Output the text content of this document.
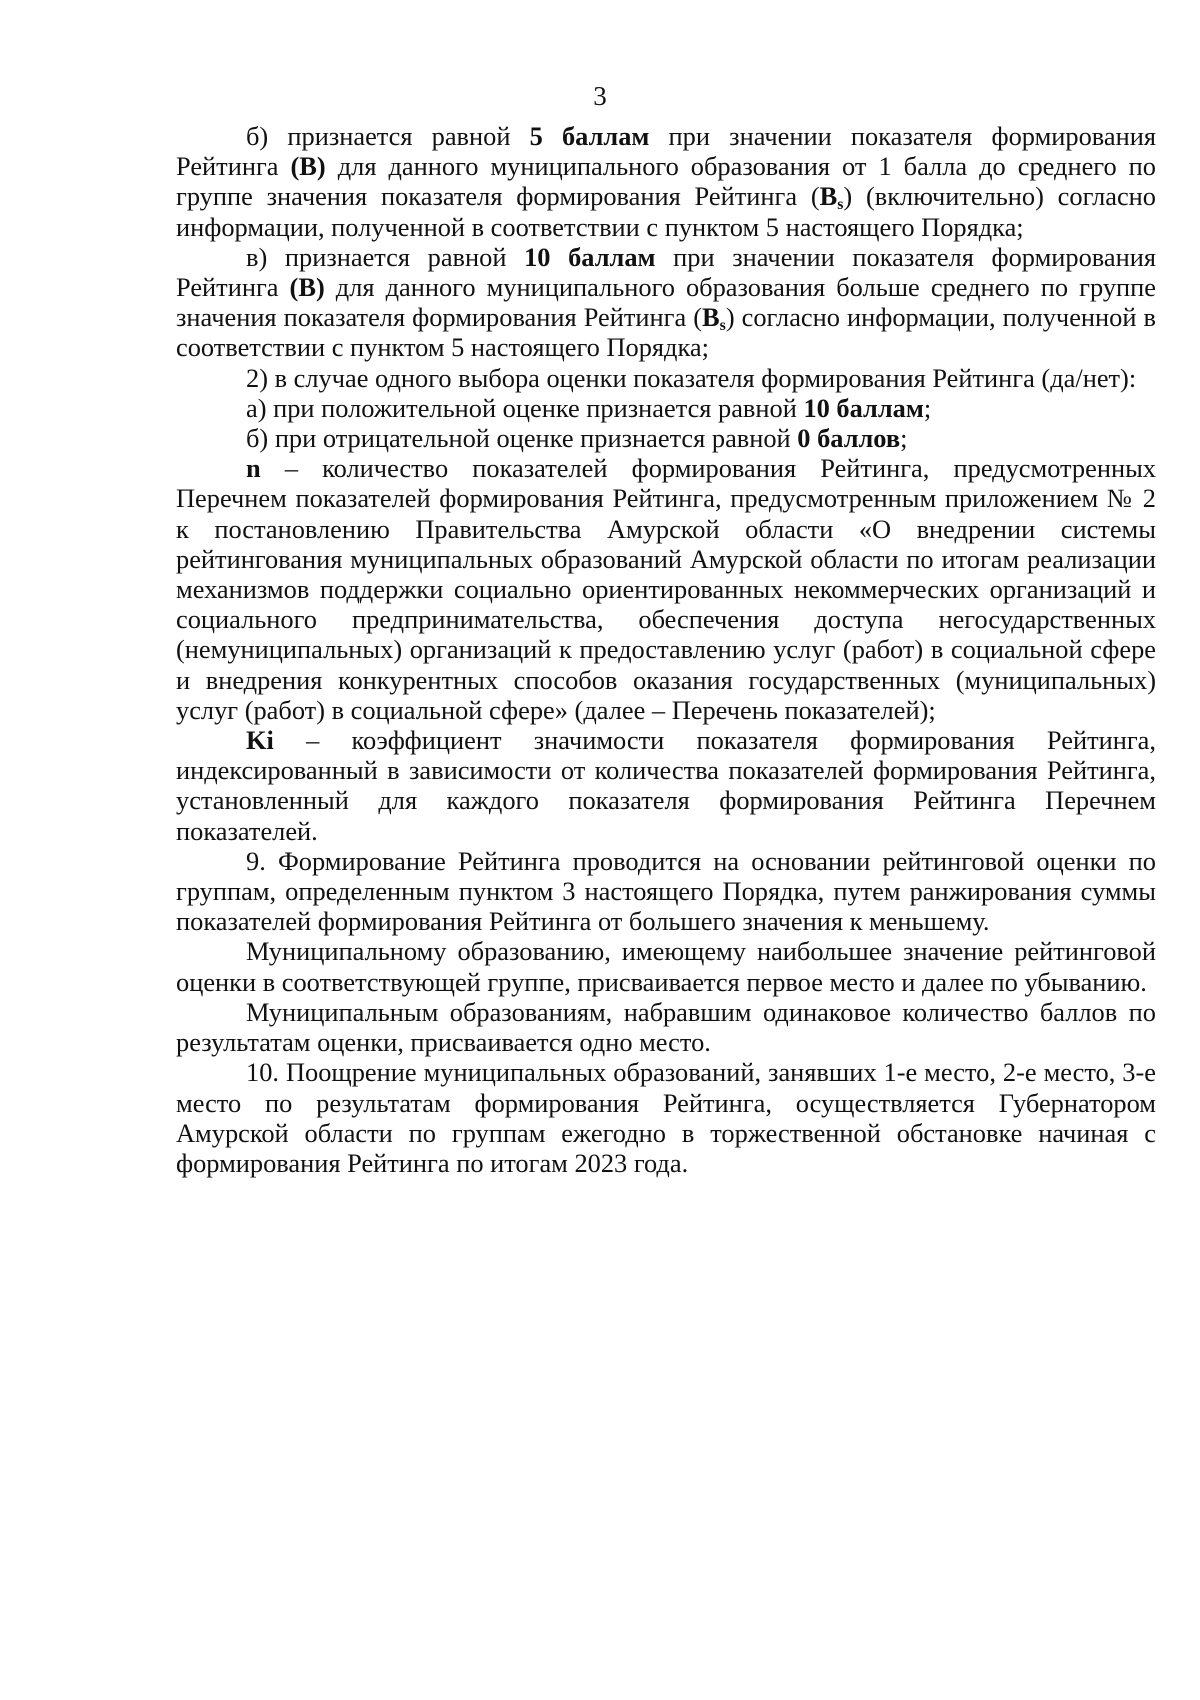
3

б) признается равной 5 баллам при значении показателя формирования Рейтинга (В) для данного муниципального образования от 1 балла до среднего по группе значения показателя формирования Рейтинга $(В_s)$ (включительно) согласно информации, полученной в соответствии с пунктом 5 настоящего Порядка;

в) признается равной 10 баллам при значении показателя формирования Рейтинга (В) для данного муниципального образования больше среднего по группе значения показателя формирования Рейтинга $(В_s)$ согласно информации, полученной в соответствии с пунктом 5 настоящего Порядка;

2) в случае одного выбора оценки показателя формирования Рейтинга (да/нет):

а) при положительной оценке признается равной 10 баллам;

б) при отрицательной оценке признается равной 0 баллов;

n – количество показателей формирования Рейтинга, предусмотренных Перечнем показателей формирования Рейтинга, предусмотренным приложением № 2 к постановлению Правительства Амурской области «О внедрении системы рейтингования муниципальных образований Амурской области по итогам реализации механизмов поддержки социально ориентированных некоммерческих организаций и социального предпринимательства, обеспечения доступа негосударственных (немуниципальных) организаций к предоставлению услуг (работ) в социальной сфере и внедрения конкурентных способов оказания государственных (муниципальных) услуг (работ) в социальной сфере» (далее – Перечень показателей);

Ki – коэффициент значимости показателя формирования Рейтинга, индексированный в зависимости от количества показателей формирования Рейтинга, установленный для каждого показателя формирования Рейтинга Перечнем показателей.

9. Формирование Рейтинга проводится на основании рейтинговой оценки по группам, определенным пунктом 3 настоящего Порядка, путем ранжирования суммы показателей формирования Рейтинга от большего значения к меньшему.

Муниципальному образованию, имеющему наибольшее значение рейтинговой оценки в соответствующей группе, присваивается первое место и далее по убыванию.

Муниципальным образованиям, набравшим одинаковое количество баллов по результатам оценки, присваивается одно место.

10. Поощрение муниципальных образований, занявших 1-е место, 2-е место, 3-е место по результатам формирования Рейтинга, осуществляется Губернатором Амурской области по группам ежегодно в торжественной обстановке начиная с формирования Рейтинга по итогам 2023 года.
